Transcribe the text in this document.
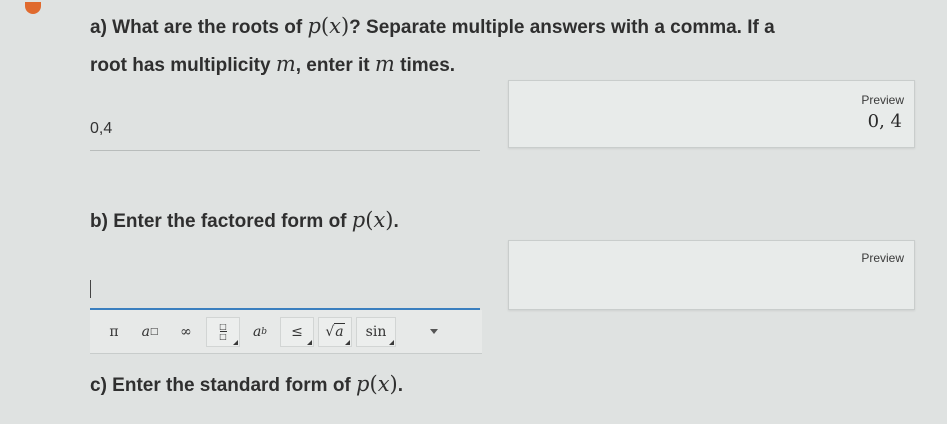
a) What are the roots of p(x)? Separate multiple answers with a comma. If a
root has multiplicity m, enter it m times.
0,4
Preview
0, 4
b) Enter the factored form of p(x).
Preview
π a □ ∞	$\frac{□}{□}$ a b ≤ √a sin
c) Enter the standard form of p(x).
